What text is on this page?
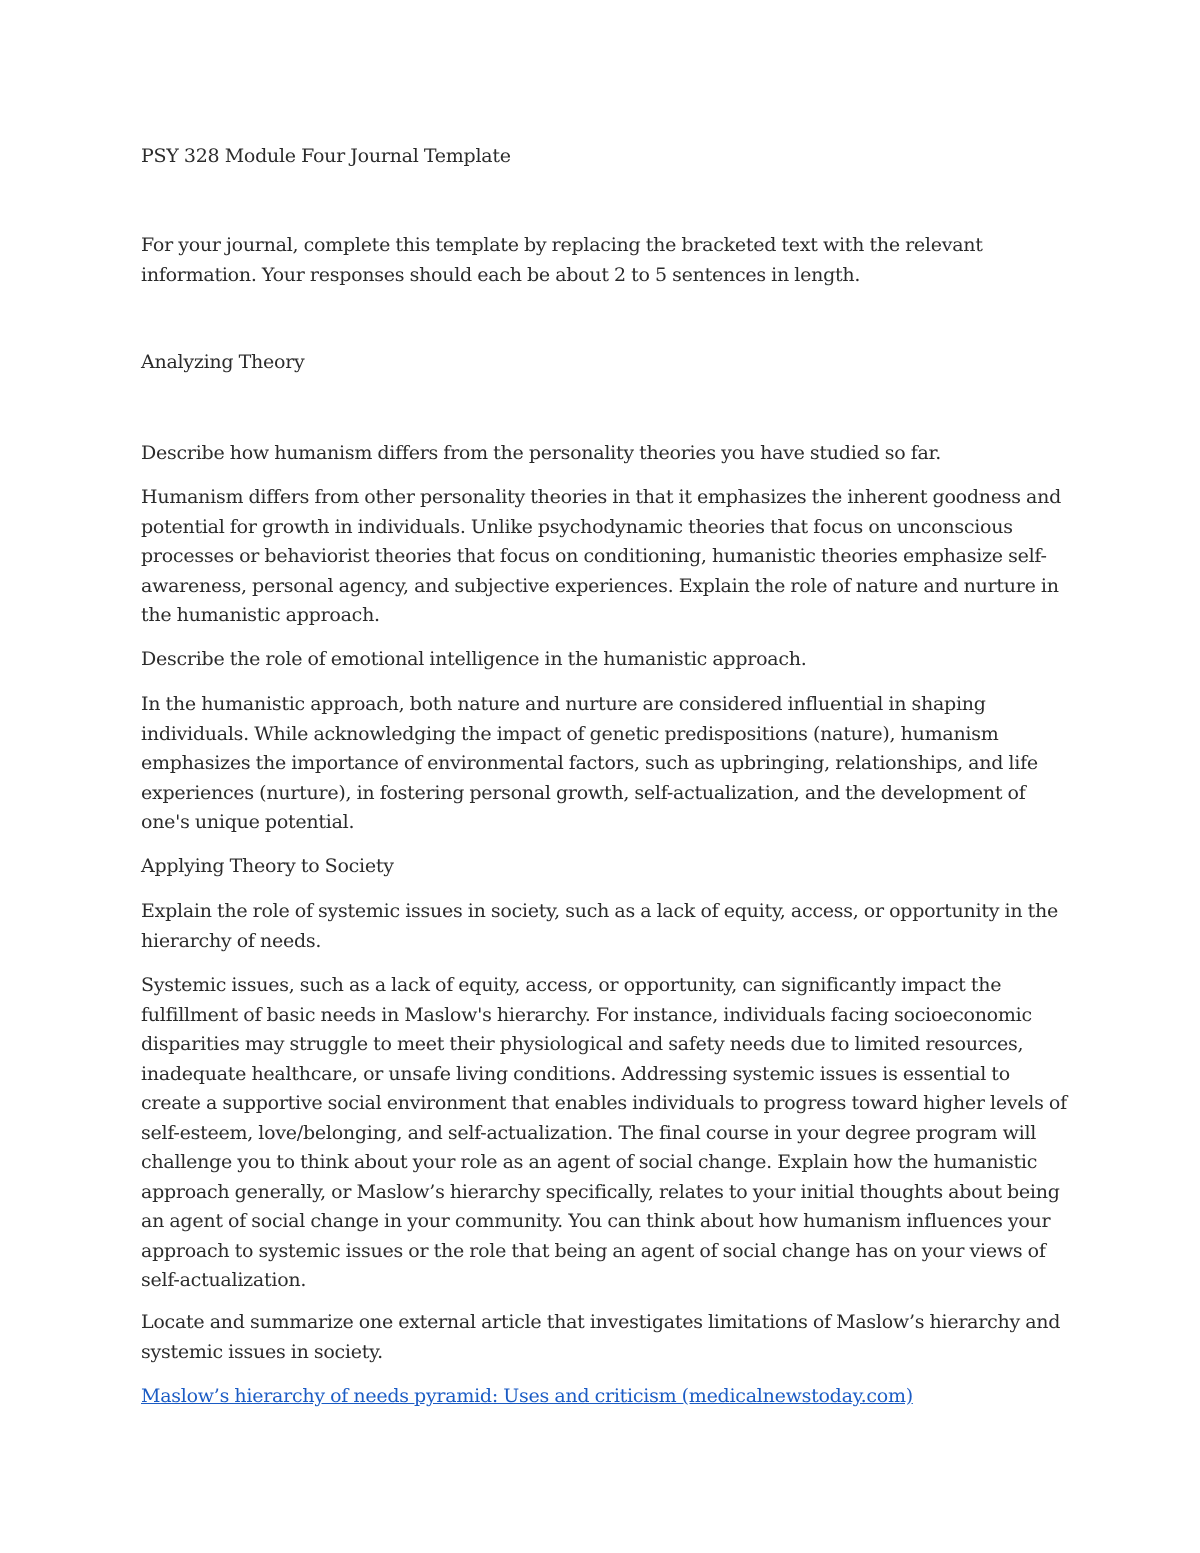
PSY 328 Module Four Journal Template

For your journal, complete this template by replacing the bracketed text with the relevant information. Your responses should each be about 2 to 5 sentences in length.

Analyzing Theory

Describe how humanism differs from the personality theories you have studied so far.

Humanism differs from other personality theories in that it emphasizes the inherent goodness and potential for growth in individuals. Unlike psychodynamic theories that focus on unconscious processes or behaviorist theories that focus on conditioning, humanistic theories emphasize self-awareness, personal agency, and subjective experiences. Explain the role of nature and nurture in the humanistic approach.

Describe the role of emotional intelligence in the humanistic approach.

In the humanistic approach, both nature and nurture are considered influential in shaping individuals. While acknowledging the impact of genetic predispositions (nature), humanism emphasizes the importance of environmental factors, such as upbringing, relationships, and life experiences (nurture), in fostering personal growth, self-actualization, and the development of one's unique potential.

Applying Theory to Society

Explain the role of systemic issues in society, such as a lack of equity, access, or opportunity in the hierarchy of needs.

Systemic issues, such as a lack of equity, access, or opportunity, can significantly impact the fulfillment of basic needs in Maslow's hierarchy. For instance, individuals facing socioeconomic disparities may struggle to meet their physiological and safety needs due to limited resources, inadequate healthcare, or unsafe living conditions. Addressing systemic issues is essential to create a supportive social environment that enables individuals to progress toward higher levels of self-esteem, love/belonging, and self-actualization. The final course in your degree program will challenge you to think about your role as an agent of social change. Explain how the humanistic approach generally, or Maslow’s hierarchy specifically, relates to your initial thoughts about being an agent of social change in your community. You can think about how humanism influences your approach to systemic issues or the role that being an agent of social change has on your views of self-actualization.

Locate and summarize one external article that investigates limitations of Maslow’s hierarchy and systemic issues in society.

Maslow’s hierarchy of needs pyramid: Uses and criticism (medicalnewstoday.com)
